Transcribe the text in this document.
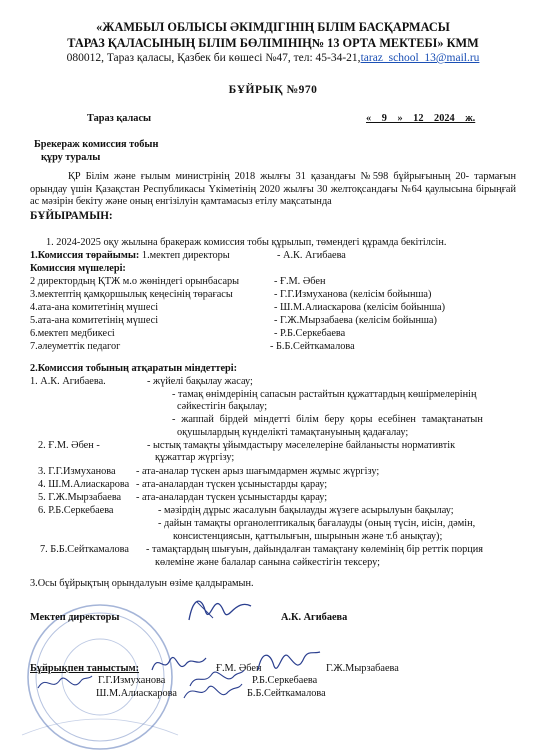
«ЖАМБЫЛ ОБЛЫСЫ ӘКІМДІГІНІҢ БІЛІМ БАСҚАРМАСЫ
ТАРАЗ ҚАЛАСЫНЫҢ БІЛІМ БӨЛІМІНІҢ№ 13 ОРТА МЕКТЕБІ» КММ
080012, Тараз қаласы, Қазбек би көшесі №47, тел: 45-34-21,taraz_school_13@mail.ru
БҰЙРЫҚ №970
Тараз қаласы	« 9 » 12 2024 ж.
Брекераж комиссия тобын
құру туралы
ҚР Білім және ғылым министрінің 2018 жылғы 31 қазандағы №598 бұйрығының 20- тармағын орындау үшін Қазақстан Республикасы Үкіметінің 2020 жылғы 30 желтоқсандағы №64 қаулысына бірыңғай ас мәзірін бекіту және оның енгізілуін қамтамасыз етілу мақсатында
БҰЙЫРАМЫН:
1. 2024-2025 оқу жылына бракераж комиссия тобы құрылып, төмендегі құрамда бекітілсін.
1.Комиссия төрайымы: 1.мектеп директоры	- А.К. Агибаева
Комиссия мүшелері:
2 директордың ҚТЖ м.о жөніндегі орынбасары	- Ғ.М. Әбен
3.мектептің қамқоршылық кеңесінің төрағасы	- Г.Г.Измуханова (келісім бойынша)
4.ата-ана комитетінің мүшесі	- Ш.М.Алиаскарова (келісім бойынша)
5.ата-ана комитетінің мүшесі	- Г.Ж.Мырзабаева (келісім бойынша)
6.мектеп медбикесі	- Р.Б.Серкебаева
7.әлеуметтік педагог	- Б.Б.Сейткамалова
2.Комиссия тобының атқаратын міндеттері:
1. А.К. Агибаева.	- жүйелі бақылау жасау;
- тамақ өнімдерінің сапасын растайтын құжаттардың көшірмелерінің
сәйкестігін бақылау;
- жаппай бірдей міндетті білім беру қоры есебінен тамақтанатын
оқушылардың күнделікті тамақтануының қадағалау;
2. Ғ.М. Әбен -	- ыстық тамақты ұйымдастыру мәселелеріне байланысты нормативтік
құжаттар жүргізу;
3. Г.Г.Измуханова - ата-аналар түскен арыз шағымдармен жұмыс жүргізу;
4. Ш.М.Алиаскарова - ата-аналардан түскен ұсыныстарды қарау;
5. Г.Ж.Мырзабаева - ата-аналардан түскен ұсыныстарды қарау;
6. Р.Б.Серкебаева	- мәзірдің дұрыс жасалуын бақылауды жүзеге асырылуын бақылау;
- дайын тамақты органолептикалық бағалауды (оның түсін, иісін, дәмін,
консистенциясын, қаттылығын, шырынын және т.б анықтау);
7. Б.Б.Сейткамалова - тамақтардың шығуын, дайындалған тамақтану көлемінің бір реттік порция
көлеміне және балалар санына сәйкестігін тексеру;
3.Осы бұйрықтың орындалуын өзіме қалдырамын.
Мектеп директоры	А.К. Агибаева
Бұйрықпен таныстым:	Ғ.М. Әбен	Г.Ж.Мырзабаева
Г.Г.Измуханова	Р.Б.Серкебаева
Ш.М.Алиаскарова	Б.Б.Сейткамалова
